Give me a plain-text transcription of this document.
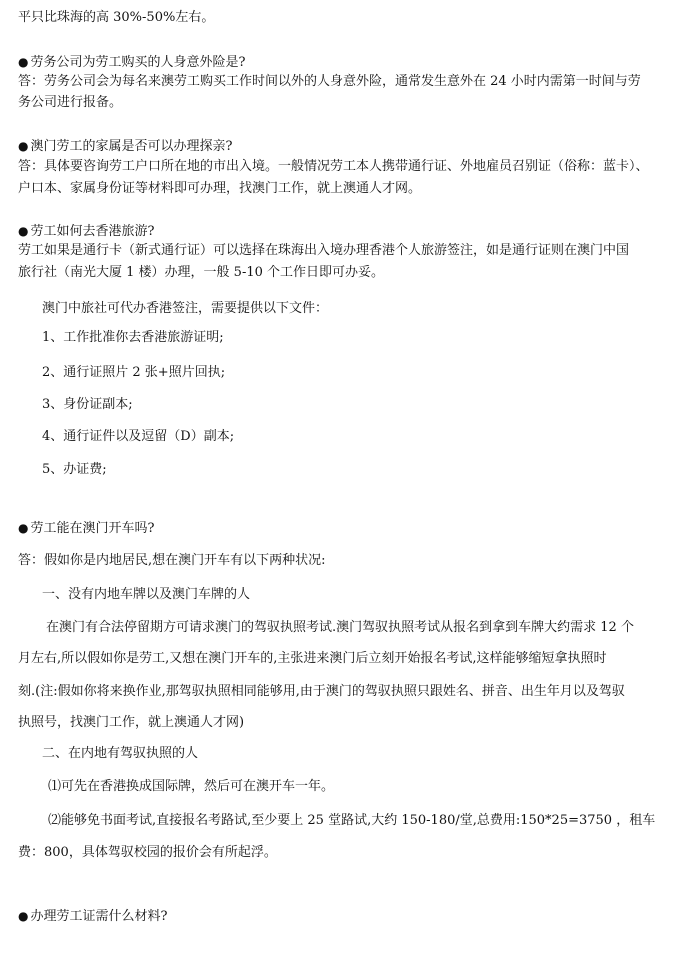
平只比珠海的高 30%-50%左右。
● 劳务公司为劳工购买的人身意外险是?
答：劳务公司会为每名来澳劳工购买工作时间以外的人身意外险，通常发生意外在 24 小时内需第一时间与劳
务公司进行报备。
● 澳门劳工的家属是否可以办理探亲?
答：具体要咨询劳工户口所在地的市出入境。一般情况劳工本人携带通行证、外地雇员召别证（俗称：蓝卡）、
户口本、家属身份证等材料即可办理，找澳门工作，就上澳通人才网。
● 劳工如何去香港旅游?
劳工如果是通行卡（新式通行证）可以选择在珠海出入境办理香港个人旅游签注，如是通行证则在澳门中国
旅行社（南光大厦 1 楼）办理，一般 5-10 个工作日即可办妥。
澳门中旅社可代办香港签注，需要提供以下文件：
1、工作批准你去香港旅游证明;
2、通行证照片 2 张+照片回执;
3、身份证副本;
4、通行证件以及逗留（D）副本;
5、办证费;
● 劳工能在澳门开车吗?
答：假如你是内地居民,想在澳门开车有以下两种状况:
一、没有内地车牌以及澳门车牌的人
在澳门有合法停留期方可请求澳门的驾驭执照考试.澳门驾驭执照考试从报名到拿到车牌大约需求 12 个
月左右,所以假如你是劳工,又想在澳门开车的,主张进来澳门后立刻开始报名考试,这样能够缩短拿执照时
刻.(注:假如你将来换作业,那驾驭执照相同能够用,由于澳门的驾驭执照只跟姓名、拼音、出生年月以及驾驭
执照号，找澳门工作，就上澳通人才网)
二、在内地有驾驭执照的人
⑴可先在香港换成国际牌，然后可在澳开车一年。
⑵能够免书面考试,直接报名考路试,至少要上 25 堂路试,大约 150-180/堂,总费用:150*25=3750 ，租车
费：800，具体驾驭校园的报价会有所起浮。
● 办理劳工证需什么材料?
